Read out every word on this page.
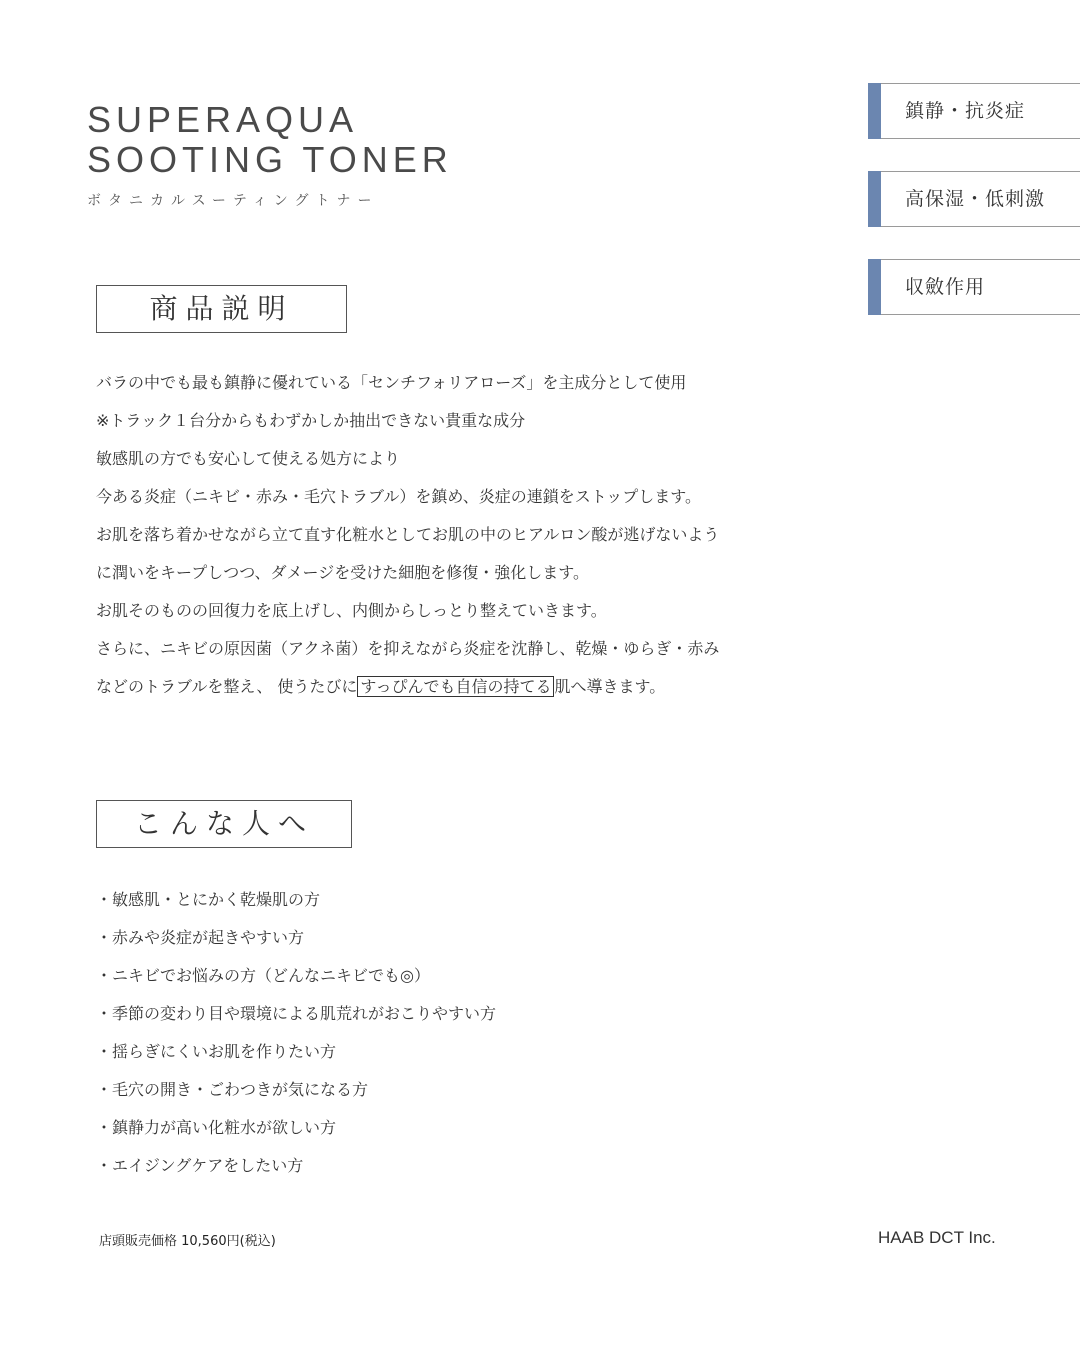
SUPERAQUA
SOOTING TONER
ボタニカルスーティングトナー
鎮静・抗炎症
高保湿・低刺激
収斂作用
商品説明
バラの中でも最も鎮静に優れている「センチフォリアローズ」を主成分として使用
※トラック１台分からもわずかしか抽出できない貴重な成分
敏感肌の方でも安心して使える処方により
今ある炎症（ニキビ・赤み・毛穴トラブル）を鎮め、炎症の連鎖をストップします。
お肌を落ち着かせながら立て直す化粧水としてお肌の中のヒアルロン酸が逃げないよう
に潤いをキープしつつ、ダメージを受けた細胞を修復・強化します。
お肌そのものの回復力を底上げし、内側からしっとり整えていきます。
さらに、ニキビの原因菌（アクネ菌）を抑えながら炎症を沈静し、乾燥・ゆらぎ・赤み
などのトラブルを整え、 使うたびに すっぴんでも自信の持てる 肌へ導きます。
こんな人へ
・敏感肌・とにかく乾燥肌の方
・赤みや炎症が起きやすい方
・ニキビでお悩みの方（どんなニキビでも◎）
・季節の変わり目や環境による肌荒れがおこりやすい方
・揺らぎにくいお肌を作りたい方
・毛穴の開き・ごわつきが気になる方
・鎮静力が高い化粧水が欲しい方
・エイジングケアをしたい方
店頭販売価格 10,560円(税込)	HAAB DCT Inc.
